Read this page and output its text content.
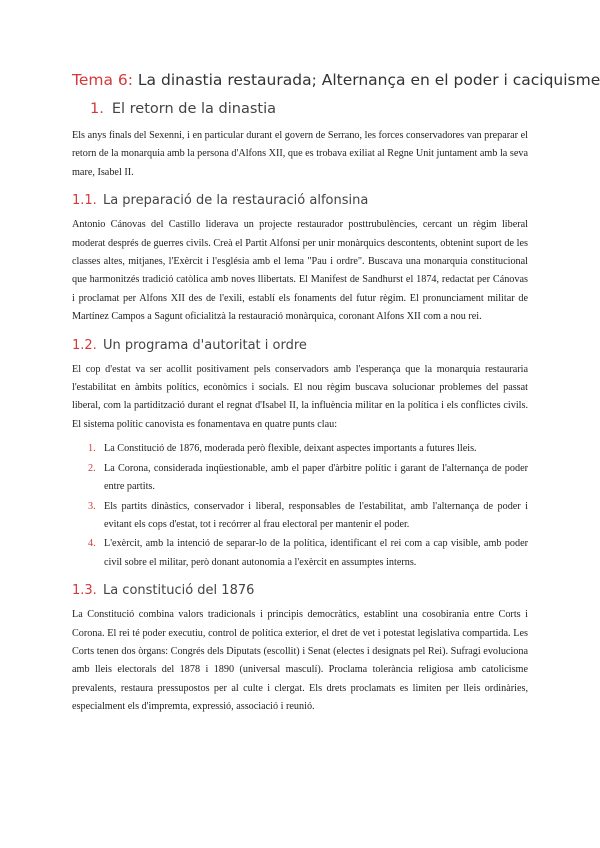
Tema 6: La dinastia restaurada; Alternança en el poder i caciquisme
1. El retorn de la dinastia

Els anys finals del Sexenni, i en particular durant el govern de Serrano, les forces conservadores van preparar el retorn de la monarquia amb la persona d'Alfons XII, que es trobava exiliat al Regne Unit juntament amb la seva mare, Isabel II.

1.1. La preparació de la restauració alfonsina

Antonio Cánovas del Castillo liderava un projecte restaurador posttrubulències, cercant un règim liberal moderat després de guerres civils. Creà el Partit Alfonsí per unir monàrquics descontents, obtenint suport de les classes altes, mitjanes, l'Exèrcit i l'església amb el lema "Pau i ordre". Buscava una monarquia constitucional que harmonitzés tradició catòlica amb noves llibertats. El Manifest de Sandhurst el 1874, redactat per Cánovas i proclamat per Alfons XII des de l'exili, establí els fonaments del futur règim. El pronunciament militar de Martínez Campos a Sagunt oficialitzà la restauració monàrquica, coronant Alfons XII com a nou rei.

1.2. Un programa d'autoritat i ordre

El cop d'estat va ser acollit positivament pels conservadors amb l'esperança que la monarquia restauraria l'estabilitat en àmbits polítics, econòmics i socials. El nou règim buscava solucionar problemes del passat liberal, com la partidització durant el regnat d'Isabel II, la influència militar en la política i els conflictes civils. El sistema polític canovista es fonamentava en quatre punts clau:

1. La Constitució de 1876, moderada però flexible, deixant aspectes importants a futures lleis.
2. La Corona, considerada inqüestionable, amb el paper d'àrbitre polític i garant de l'alternança de poder entre partits.
3. Els partits dinàstics, conservador i liberal, responsables de l'estabilitat, amb l'alternança de poder i evitant els cops d'estat, tot i recórrer al frau electoral per mantenir el poder.
4. L'exèrcit, amb la intenció de separar-lo de la política, identificant el rei com a cap visible, amb poder civil sobre el militar, però donant autonomia a l'exèrcit en assumptes interns.
1.3. La constitució del 1876

La Constitució combina valors tradicionals i principis democràtics, establint una cosobirania entre Corts i Corona. El rei té poder executiu, control de política exterior, el dret de vet i potestat legislativa compartida. Les Corts tenen dos òrgans: Congrés dels Diputats (escollit) i Senat (electes i designats pel Rei). Sufragi evoluciona amb lleis electorals del 1878 i 1890 (universal masculí). Proclama tolerància religiosa amb catolicisme prevalents, restaura pressupostos per al culte i clergat. Els drets proclamats es limiten per lleis ordinàries, especialment els d'impremta, expressió, associació i reunió.
